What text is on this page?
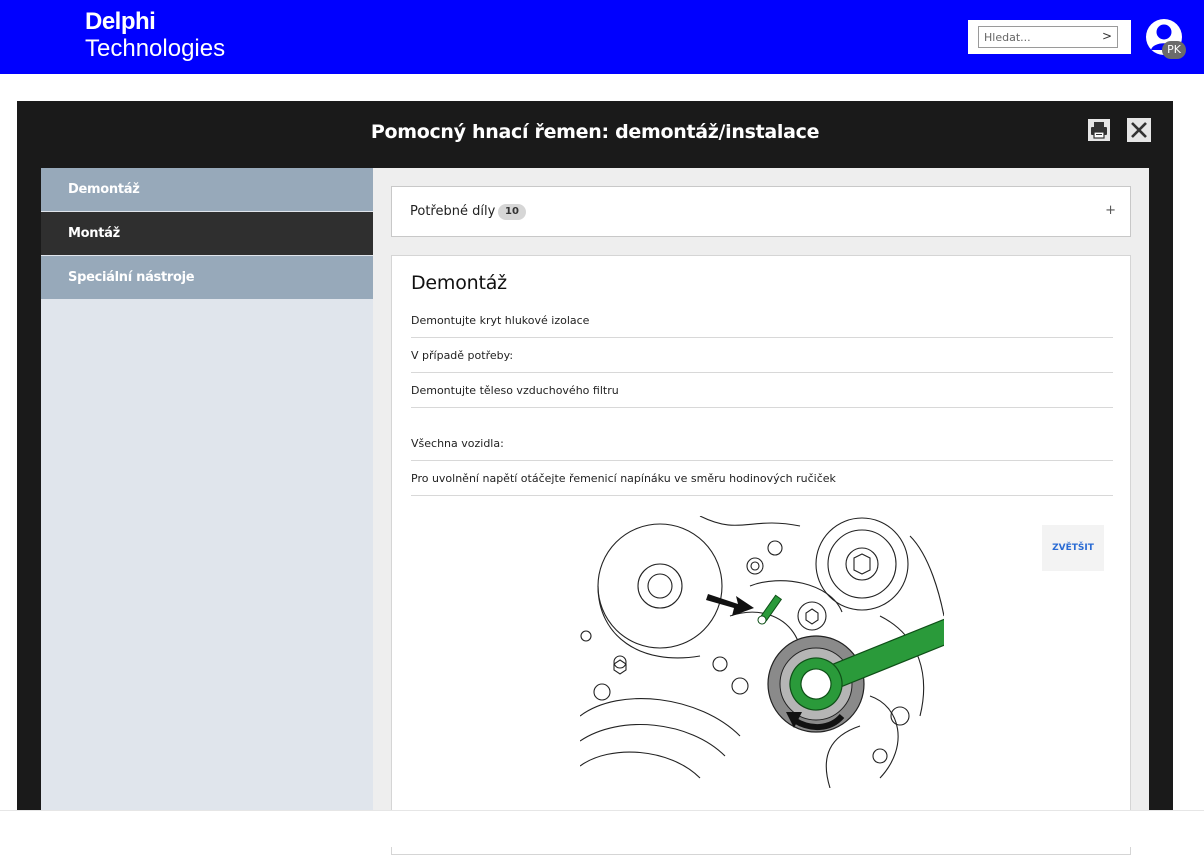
Delphi
Technologies
Hledat...	>
PK
Pomocný hnací řemen: demontáž/instalace
Demontáž
Montáž
Speciální nástroje
Potřebné díly 10	+
Demontáž
Demontujte kryt hlukové izolace
V případě potřeby:
Demontujte těleso vzduchového filtru
Všechna vozidla:
Pro uvolnění napětí otáčejte řemenicí napínáku ve směru hodinových ručiček
ZVĚTŠIT
